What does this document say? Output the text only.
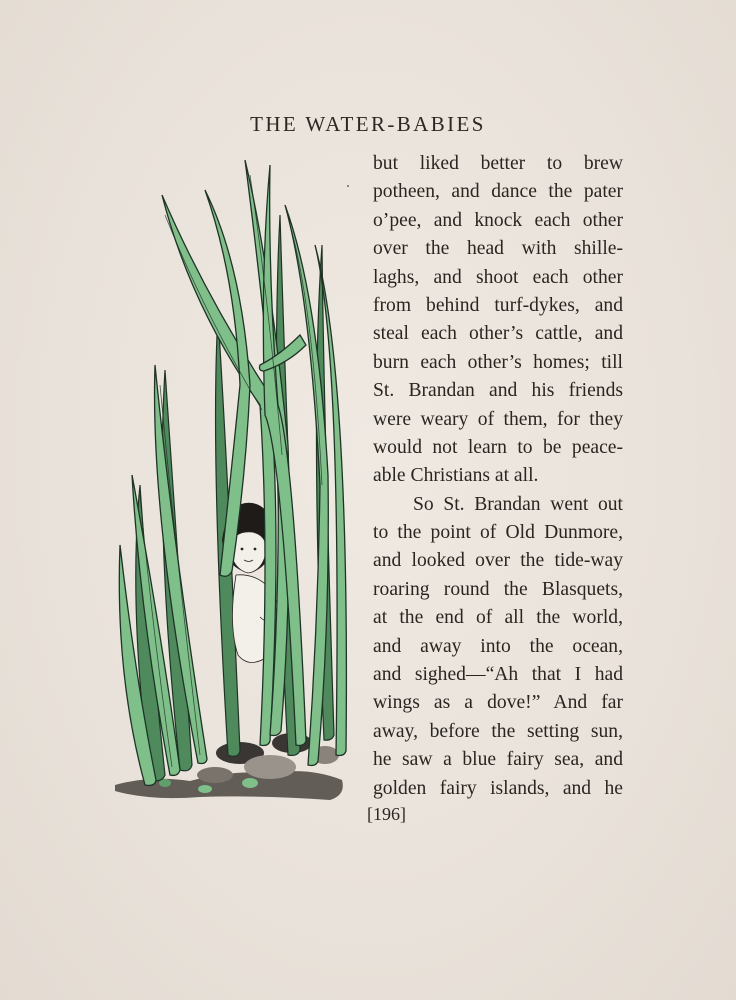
THE WATER-BABIES
but liked better to brew
potheen, and dance the pater
o’pee, and knock each other
over the head with shille-
laghs, and shoot each other
from behind turf-dykes, and
steal each other’s cattle, and
burn each other’s homes; till
St. Brandan and his friends
were weary of them, for they
would not learn to be peace-
able Christians at all.
So St. Brandan went out
to the point of Old Dunmore,
and looked over the tide-way
roaring round the Blasquets,
at the end of all the world,
and away into the ocean,
and sighed—“Ah that I had
wings as a dove!” And far
away, before the setting sun,
he saw a blue fairy sea, and
golden fairy islands, and he
[196]
